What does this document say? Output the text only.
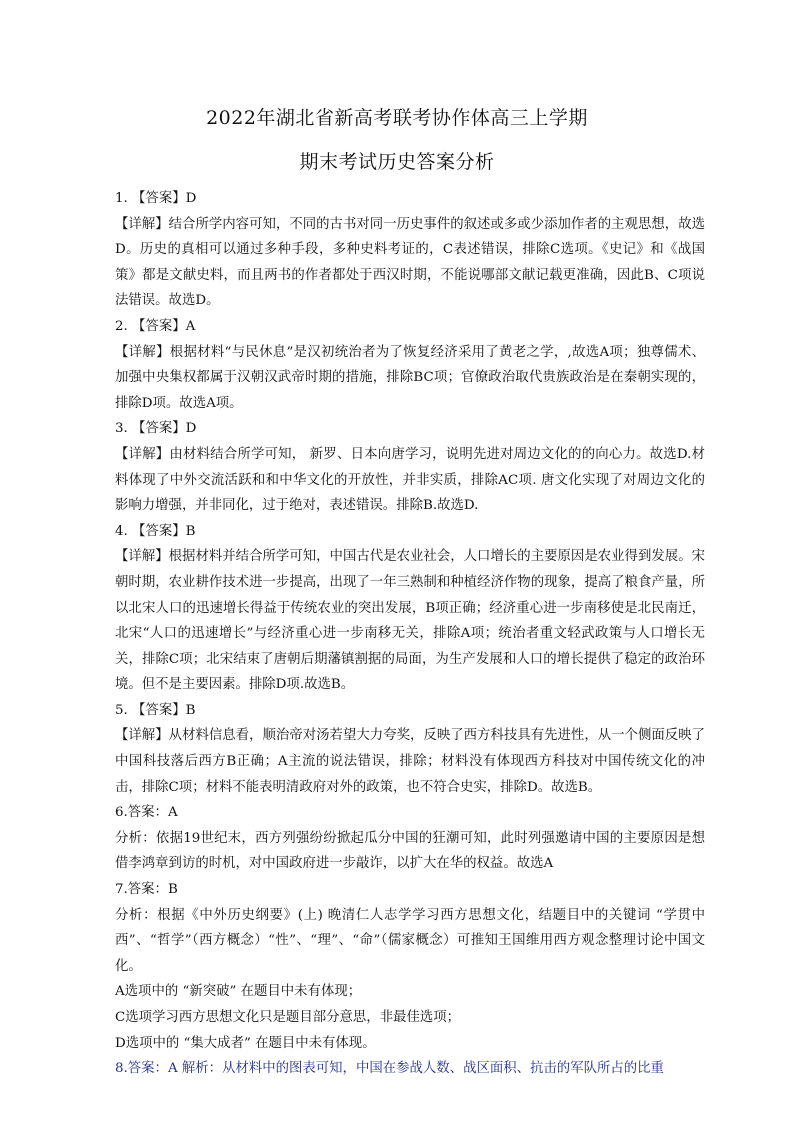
2022年湖北省新高考联考协作体高三上学期
期末考试历史答案分析

1. 【答案】D

【详解】结合所学内容可知，不同的古书对同一历史事件的叙述或多或少添加作者的主观思想，故选D。历史的真相可以通过多种手段，多种史料考证的，C表述错误，排除C选项。《史记》和《战国策》都是文献史料，而且两书的作者都处于西汉时期，不能说哪部文献记载更准确，因此B、C项说法错误。故选D。

2. 【答案】A

【详解】根据材料“与民休息”是汉初统治者为了恢复经济采用了黄老之学，,故选A项；独尊儒术、加强中央集权都属于汉朝汉武帝时期的措施，排除BC项；官僚政治取代贵族政治是在秦朝实现的，排除D项。故选A项。

3. 【答案】D

【详解】由材料结合所学可知， 新罗、日本向唐学习，说明先进对周边文化的的向心力。故选D.材料体现了中外交流活跃和和中华文化的开放性，并非实质，排除AC项. 唐文化实现了对周边文化的影响力增强，并非同化，过于绝对，表述错误。排除B.故选D.

4. 【答案】B

【详解】根据材料并结合所学可知，中国古代是农业社会，人口增长的主要原因是农业得到发展。宋朝时期，农业耕作技术进一步提高，出现了一年三熟制和种植经济作物的现象，提高了粮食产量，所以北宋人口的迅速增长得益于传统农业的突出发展，B项正确；经济重心进一步南移使是北民南迁，北宋“人口的迅速增长”与经济重心进一步南移无关，排除A项；统治者重文轻武政策与人口增长无关，排除C项；北宋结束了唐朝后期藩镇割据的局面，为生产发展和人口的增长提供了稳定的政治环境。但不是主要因素。排除D项.故选B。

5. 【答案】B

【详解】从材料信息看，顺治帝对汤若望大力夸奖，反映了西方科技具有先进性，从一个侧面反映了中国科技落后西方B正确；A主流的说法错误，排除；材料没有体现西方科技对中国传统文化的冲击，排除C项；材料不能表明清政府对外的政策，也不符合史实，排除D。故选B。

6.答案：A

分析：依据19世纪末，西方列强纷纷掀起瓜分中国的狂潮可知，此时列强邀请中国的主要原因是想借李鸿章到访的时机，对中国政府进一步敲诈，以扩大在华的权益。故选A

7.答案：B

分析：根据《中外历史纲要》(上) 晚清仁人志学学习西方思想文化，结题目中的关键词 “学贯中西”、“哲学”（西方概念）“性”、“理”、“命”（儒家概念）可推知王国维用西方观念整理讨论中国文化。

A选项中的 “新突破” 在题目中未有体现；

C选项学习西方思想文化只是题目部分意思，非最佳选项；

D选项中的 “集大成者” 在题目中未有体现。

8.答案：A 解析：从材料中的图表可知，中国在参战人数、战区面积、抗击的军队所占的比重
